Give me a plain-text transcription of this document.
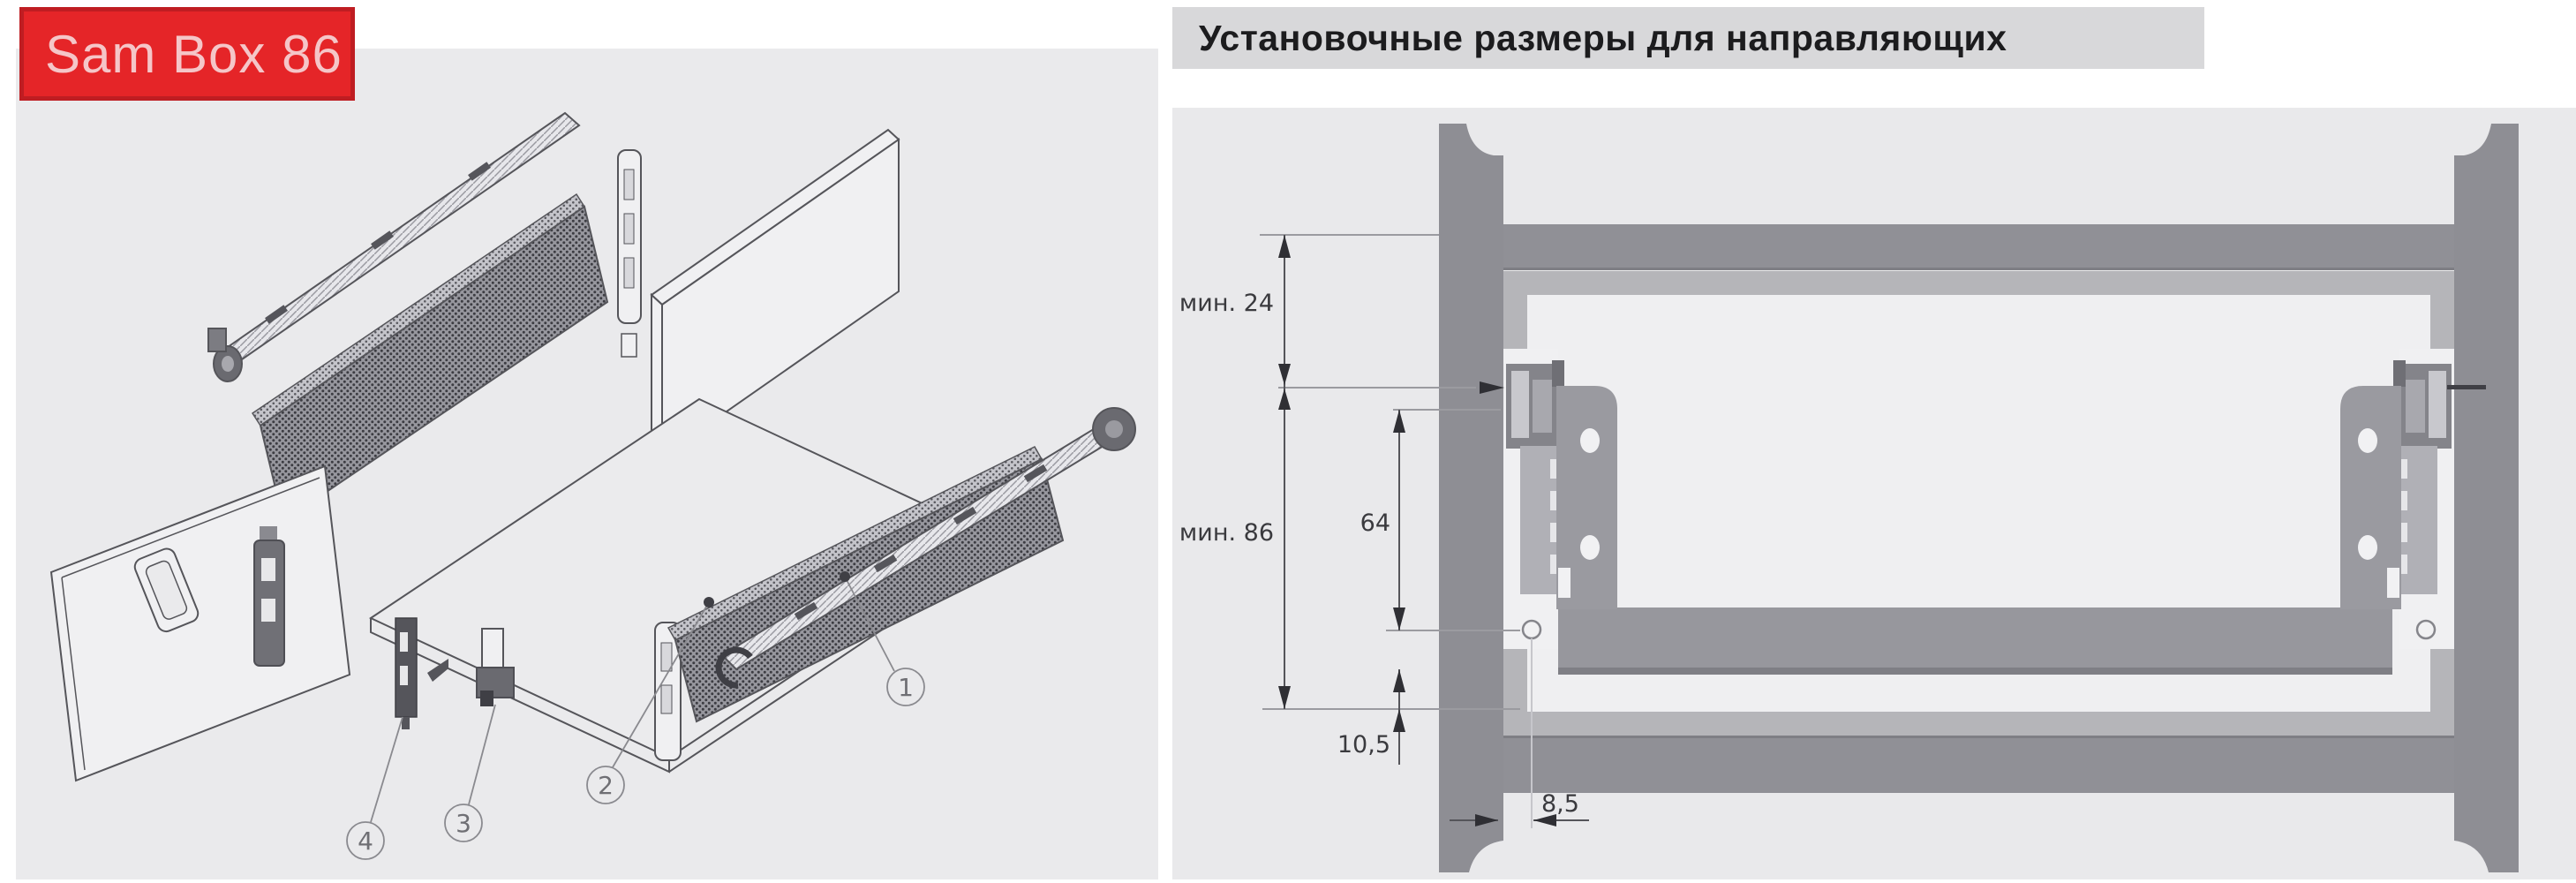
Sam Box 86	Установочные размеры для направляющих
1
2
3
4
мин. 24
мин. 86	64
10,5
8,5
